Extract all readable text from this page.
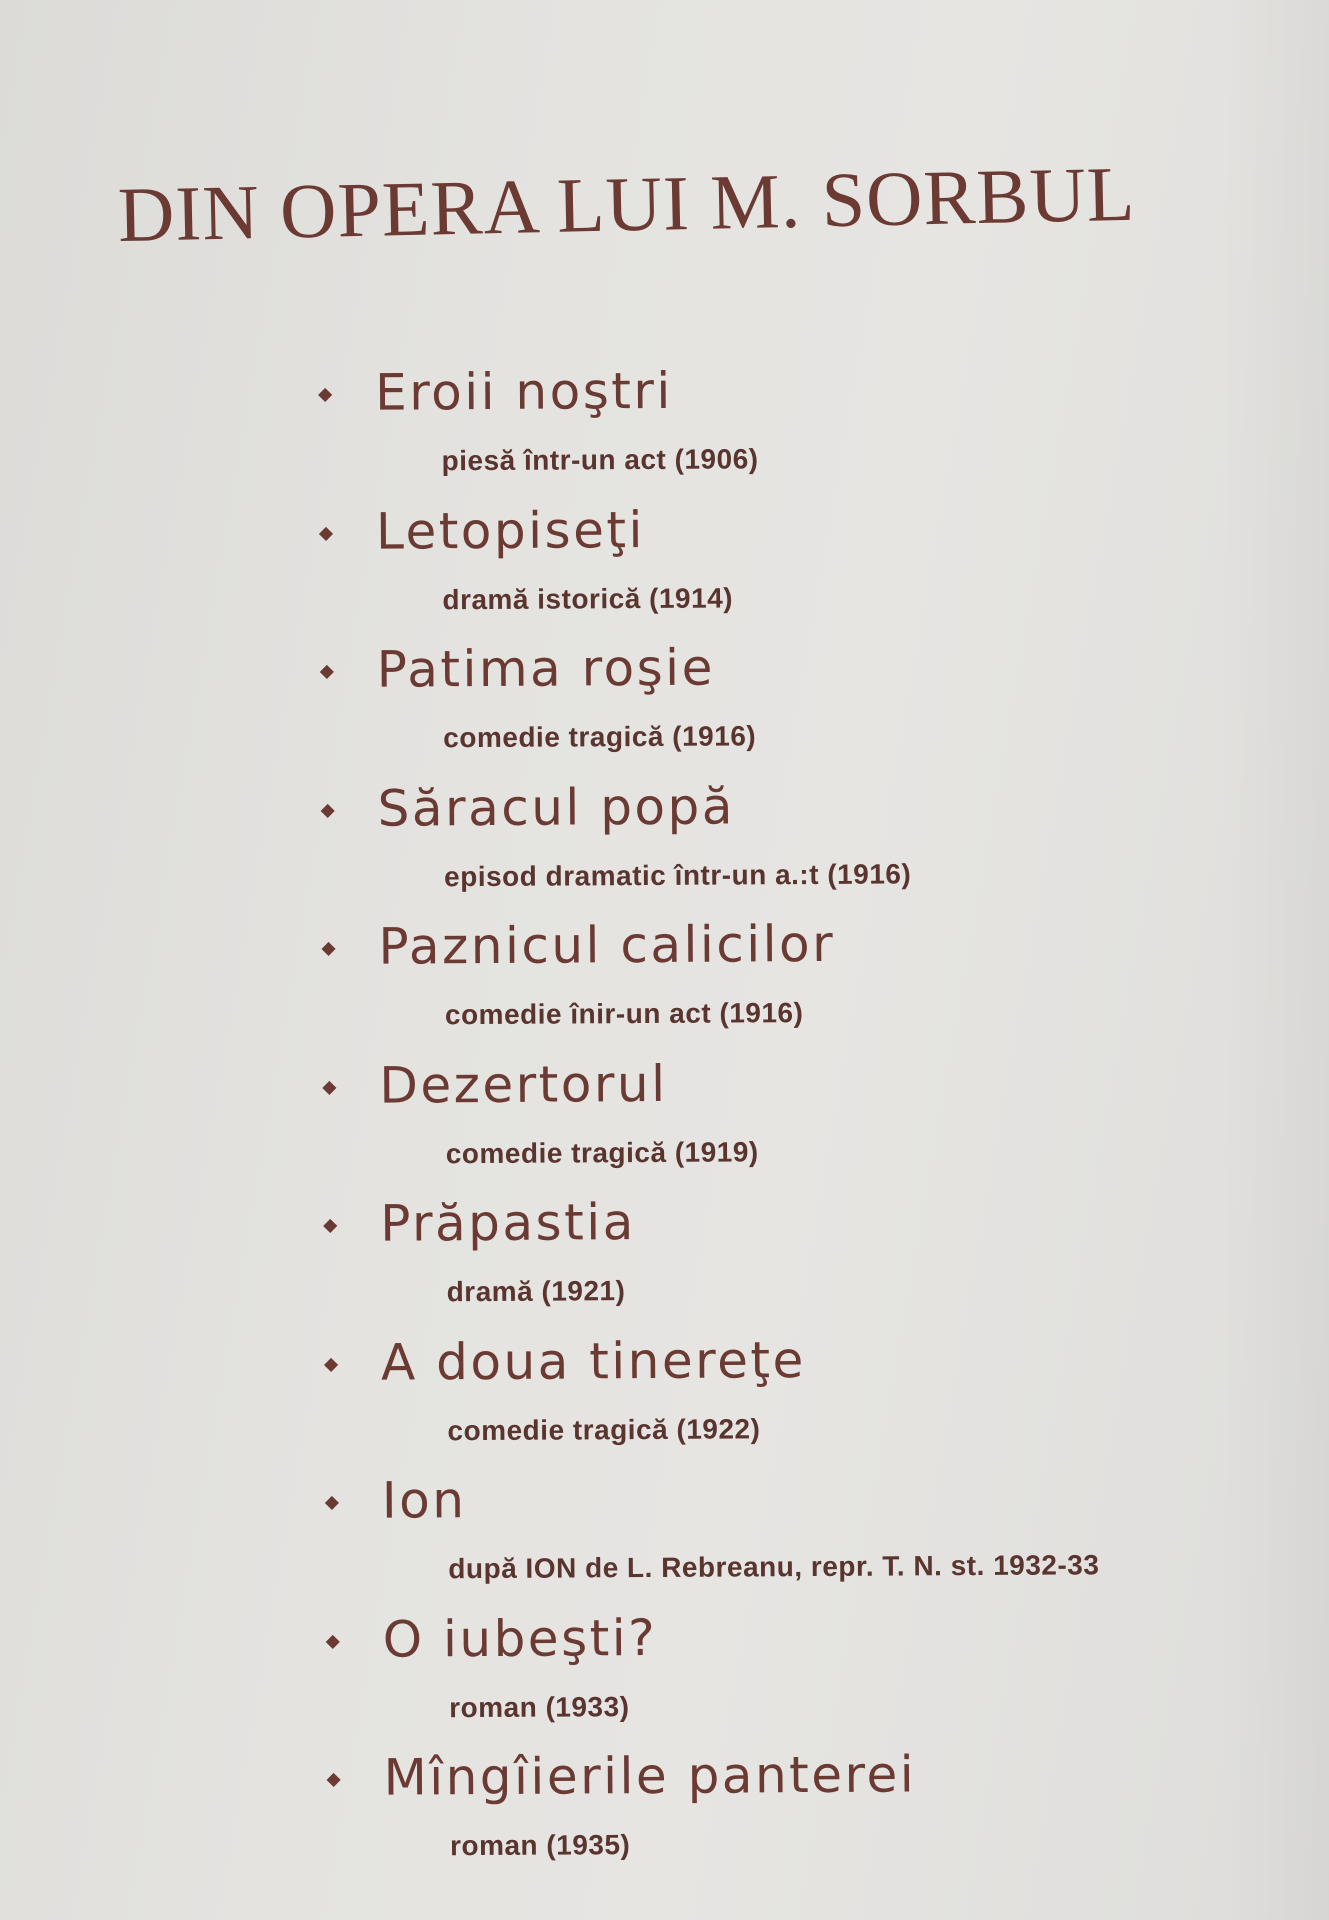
DIN OPERA LUI M. SORBUL
Eroii noştri
piesă într-un act (1906)
Letopiseţi
dramă istorică (1914)
Patima roşie
comedie tragică (1916)
Săracul popă
episod dramatic într-un a.:t (1916)
Paznicul calicilor
comedie înir-un act (1916)
Dezertorul
comedie tragică (1919)
Prăpastia
dramă (1921)
A doua tinereţe
comedie tragică (1922)
Ion
după ION de L. Rebreanu, repr. T. N. st. 1932-33
O iubeşti?
roman (1933)
Mîngîierile panterei
roman (1935)
